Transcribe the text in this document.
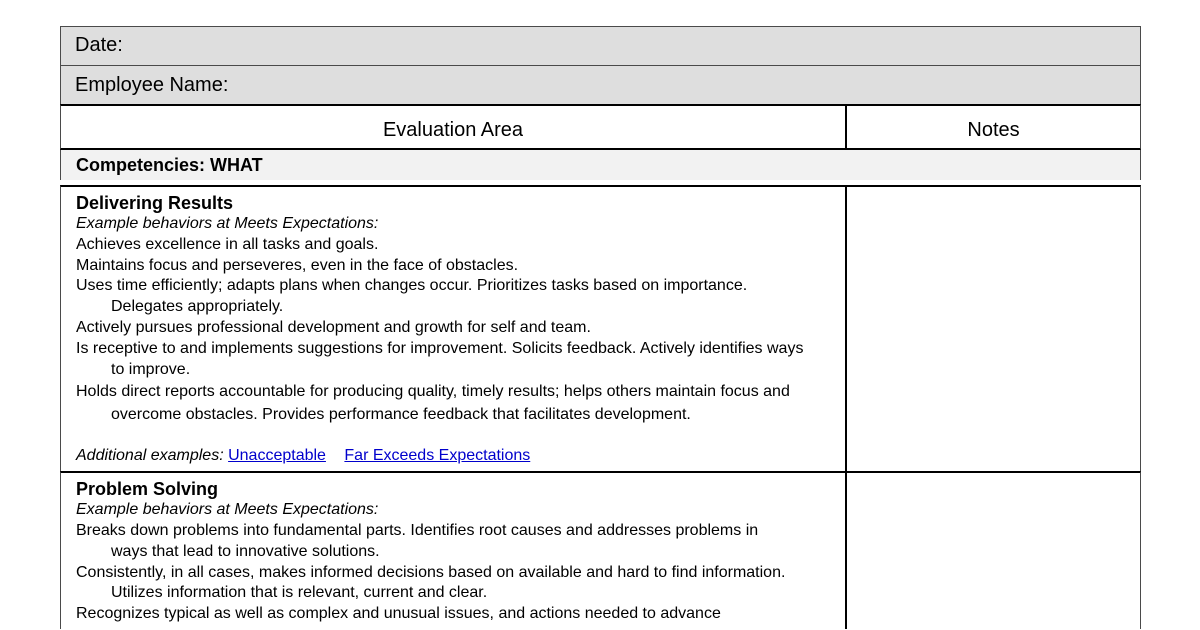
Date:
Employee Name:
Evaluation Area	Notes
Competencies: WHAT
Delivering Results
Example behaviors at Meets Expectations:
Achieves excellence in all tasks and goals.
Maintains focus and perseveres, even in the face of obstacles.
Uses time efficiently; adapts plans when changes occur. Prioritizes tasks based on importance. Delegates appropriately.
Actively pursues professional development and growth for self and team.
Is receptive to and implements suggestions for improvement. Solicits feedback. Actively identifies ways to improve.
Holds direct reports accountable for producing quality, timely results; helps others maintain focus and overcome obstacles. Provides performance feedback that facilitates development.
Additional examples: Unacceptable Far Exceeds Expectations
Problem Solving
Example behaviors at Meets Expectations:
Breaks down problems into fundamental parts. Identifies root causes and addresses problems in ways that lead to innovative solutions.
Consistently, in all cases, makes informed decisions based on available and hard to find information. Utilizes information that is relevant, current and clear.
Recognizes typical as well as complex and unusual issues, and actions needed to advance
